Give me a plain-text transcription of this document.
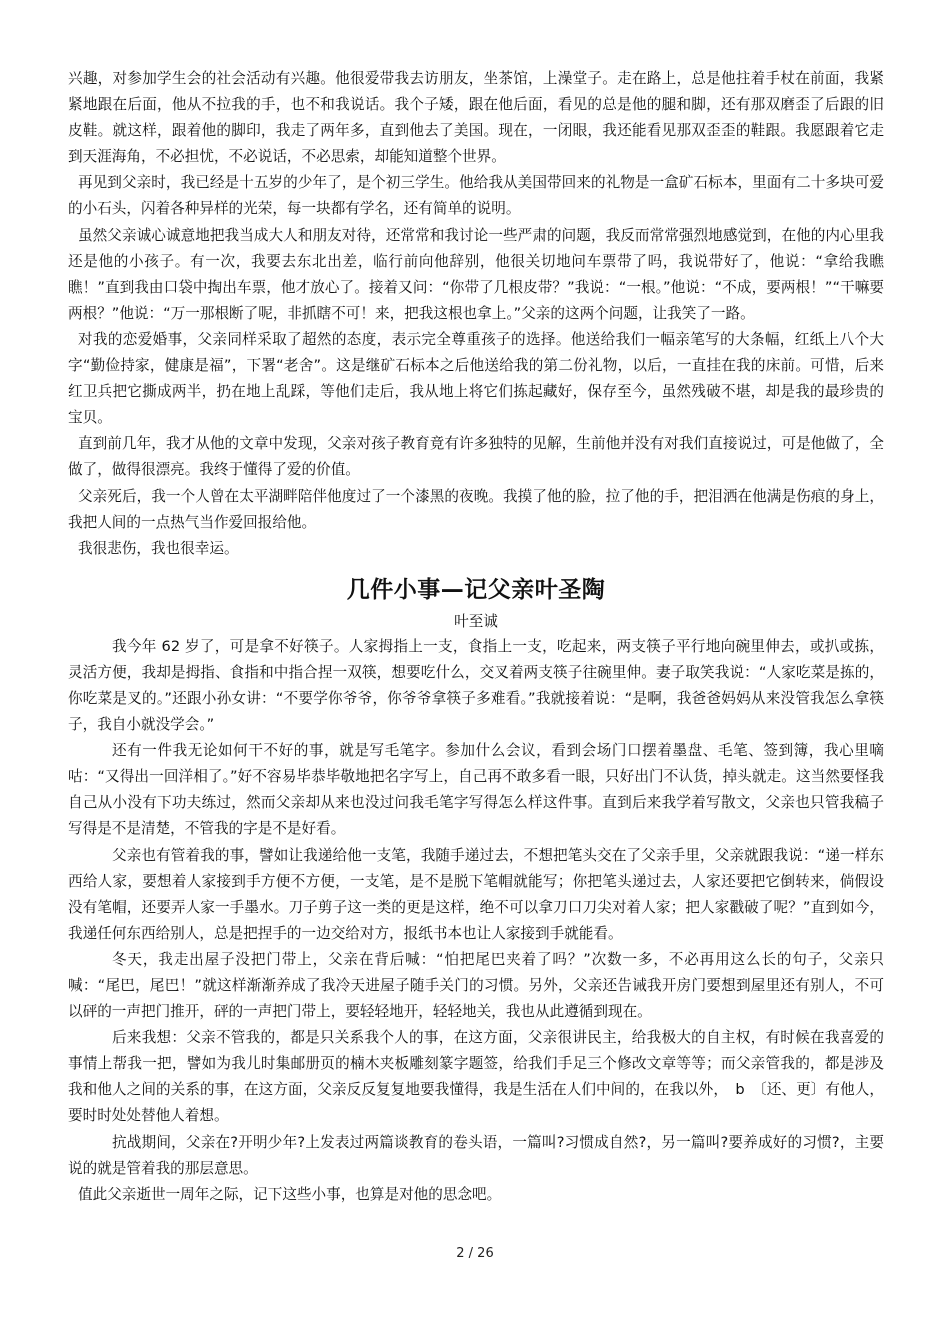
兴趣，对参加学生会的社会活动有兴趣。他很爱带我去访朋友，坐茶馆，上澡堂子。走在路上，总是他拄着手杖在前面，我紧紧地跟在后面，他从不拉我的手，也不和我说话。我个子矮，跟在他后面，看见的总是他的腿和脚，还有那双磨歪了后跟的旧皮鞋。就这样，跟着他的脚印，我走了两年多，直到他去了美国。现在，一闭眼，我还能看见那双歪歪的鞋跟。我愿跟着它走到天涯海角，不必担忧，不必说话，不必思索，却能知道整个世界。

再见到父亲时，我已经是十五岁的少年了，是个初三学生。他给我从美国带回来的礼物是一盒矿石标本，里面有二十多块可爱的小石头，闪着各种异样的光荣，每一块都有学名，还有简单的说明。

虽然父亲诚心诚意地把我当成大人和朋友对待，还常常和我讨论一些严肃的问题，我反而常常强烈地感觉到，在他的内心里我还是他的小孩子。有一次，我要去东北出差，临行前向他辞别，他很关切地问车票带了吗，我说带好了，他说：“拿给我瞧瞧！”直到我由口袋中掏出车票，他才放心了。接着又问：“你带了几根皮带？”我说：“一根。”他说：“不成，要两根！”“干嘛要两根？”他说：“万一那根断了呢，非抓瞎不可！来，把我这根也拿上。”父亲的这两个问题，让我笑了一路。

对我的恋爱婚事，父亲同样采取了超然的态度，表示完全尊重孩子的选择。他送给我们一幅亲笔写的大条幅，红纸上八个大字“勤俭持家，健康是福”，下署“老舍”。这是继矿石标本之后他送给我的第二份礼物，以后，一直挂在我的床前。可惜，后来红卫兵把它撕成两半，扔在地上乱踩，等他们走后，我从地上将它们拣起藏好，保存至今，虽然残破不堪，却是我的最珍贵的宝贝。

直到前几年，我才从他的文章中发现，父亲对孩子教育竟有许多独特的见解，生前他并没有对我们直接说过，可是他做了，全做了，做得很漂亮。我终于懂得了爱的价值。

父亲死后，我一个人曾在太平湖畔陪伴他度过了一个漆黑的夜晚。我摸了他的脸，拉了他的手，把泪洒在他满是伤痕的身上，我把人间的一点热气当作爱回报给他。

我很悲伤，我也很幸运。

几件小事—记父亲叶圣陶

叶至诚

我今年 62 岁了，可是拿不好筷子。人家拇指上一支，食指上一支，吃起来，两支筷子平行地向碗里伸去，或扒或拣，灵活方便，我却是拇指、食指和中指合捏一双筷，想要吃什么，交叉着两支筷子往碗里伸。妻子取笑我说：“人家吃菜是拣的，你吃菜是叉的。”还跟小孙女讲：“不要学你爷爷，你爷爷拿筷子多难看。”我就接着说：“是啊，我爸爸妈妈从来没管我怎么拿筷子，我自小就没学会。”

还有一件我无论如何干不好的事，就是写毛笔字。参加什么会议，看到会场门口摆着墨盘、毛笔、签到簿，我心里嘀咕：“又得出一回洋相了。”好不容易毕恭毕敬地把名字写上，自己再不敢多看一眼，只好出门不认货，掉头就走。这当然要怪我自己从小没有下功夫练过，然而父亲却从来也没过问我毛笔字写得怎么样这件事。直到后来我学着写散文，父亲也只管我稿子写得是不是清楚，不管我的字是不是好看。

父亲也有管着我的事，譬如让我递给他一支笔，我随手递过去，不想把笔头交在了父亲手里，父亲就跟我说：“递一样东西给人家，要想着人家接到手方便不方便，一支笔，是不是脱下笔帽就能写；你把笔头递过去，人家还要把它倒转来，倘假设没有笔帽，还要弄人家一手墨水。刀子剪子这一类的更是这样，绝不可以拿刀口刀尖对着人家；把人家戳破了呢？”直到如今，我递任何东西给别人，总是把捏手的一边交给对方，报纸书本也让人家接到手就能看。

冬天，我走出屋子没把门带上，父亲在背后喊：“怕把尾巴夹着了吗？”次数一多，不必再用这么长的句子，父亲只喊：“尾巴，尾巴！”就这样渐渐养成了我冷天进屋子随手关门的习惯。另外，父亲还告诫我开房门要想到屋里还有别人，不可以砰的一声把门推开，砰的一声把门带上，要轻轻地开，轻轻地关，我也从此遵循到现在。

后来我想：父亲不管我的，都是只关系我个人的事，在这方面，父亲很讲民主，给我极大的自主权，有时候在我喜爱的事情上帮我一把，譬如为我儿时集邮册页的楠木夹板雕刻篆字题签，给我们手足三个修改文章等等；而父亲管我的，都是涉及我和他人之间的关系的事，在这方面，父亲反反复复地要我懂得，我是生活在人们中间的，在我以外，　b　〔还、更〕有他人，要时时处处替他人着想。

抗战期间，父亲在?开明少年?上发表过两篇谈教育的卷头语，一篇叫?习惯成自然?，另一篇叫?要养成好的习惯?，主要说的就是管着我的那层意思。

值此父亲逝世一周年之际，记下这些小事，也算是对他的思念吧。

2 / 26
